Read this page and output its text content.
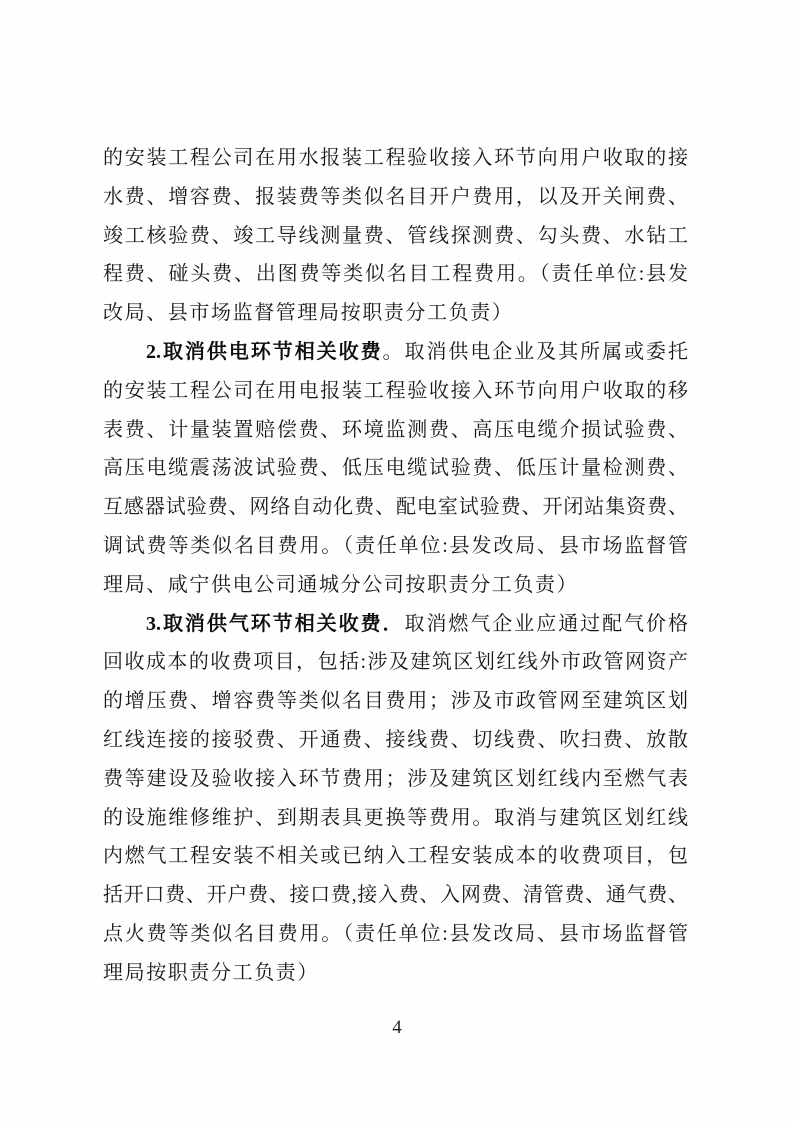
的安装工程公司在用水报装工程验收接入环节向用户收取的接
水费、增容费、报装费等类似名目开户费用，以及开关闸费、
竣工核验费、竣工导线测量费、管线探测费、勾头费、水钻工
程费、碰头费、出图费等类似名目工程费用。（责任单位:县发
改局、县市场监督管理局按职责分工负责）
2.取消供电环节相关收费。取消供电企业及其所属或委托
的安装工程公司在用电报装工程验收接入环节向用户收取的移
表费、计量装置赔偿费、环境监测费、高压电缆介损试验费、
高压电缆震荡波试验费、低压电缆试验费、低压计量检测费、
互感器试验费、网络自动化费、配电室试验费、开闭站集资费、
调试费等类似名目费用。（责任单位:县发改局、县市场监督管
理局、咸宁供电公司通城分公司按职责分工负责）
3.取消供气环节相关收费．取消燃气企业应通过配气价格
回收成本的收费项目，包括:涉及建筑区划红线外市政管网资产
的增压费、增容费等类似名目费用；涉及市政管网至建筑区划
红线连接的接驳费、开通费、接线费、切线费、吹扫费、放散
费等建设及验收接入环节费用；涉及建筑区划红线内至燃气表
的设施维修维护、到期表具更换等费用。取消与建筑区划红线
内燃气工程安装不相关或已纳入工程安装成本的收费项目，包
括开口费、开户费、接口费,接入费、入网费、清管费、通气费、
点火费等类似名目费用。（责任单位:县发改局、县市场监督管
理局按职责分工负责）
4
